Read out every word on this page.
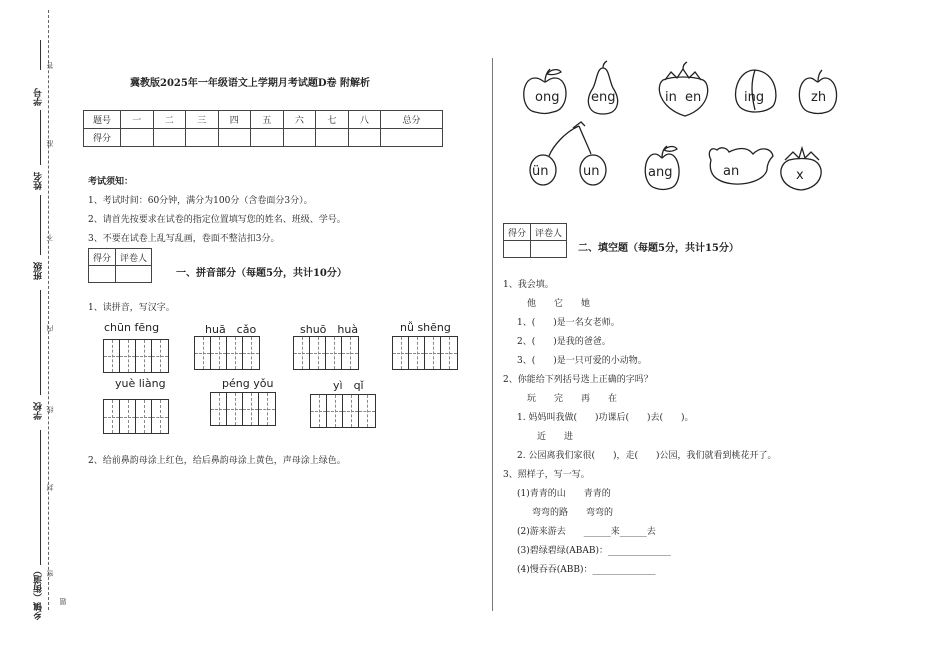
学号
姓名
班级
学校
乡镇（街道）
答
准
不
内
线
封
密
题
冀教版2025年一年级语文上学期月考试题D卷 附解析
题号	一	二	三	四	五	六	七	八	总分
得分									
考试须知：
1、考试时间：60分钟，满分为100分（含卷面分3分）。
2、请首先按要求在试卷的指定位置填写您的姓名、班级、学号。
3、不要在试卷上乱写乱画，卷面不整洁扣3分。
得分	评卷人

一、拼音部分（每题5分，共计10分）
1、读拼音，写汉字。
chūn fēng	huā　cǎo	shuō　huà	nǚ shēng
yuè liàng	péng yǒu	yì　qǐ
2、给前鼻韵母涂上红色，给后鼻韵母涂上黄色，声母涂上绿色。
ong eng	in en	ing	zh
ün	un	ang	an	x
得分	评卷人

二、填空题（每题5分，共计15分）
1、我会填。
他　　它　　她
1、(　　)是一名女老师。
2、(　　)是我的爸爸。
3、(　　)是一只可爱的小动物。
2、你能给下列括号选上正确的字吗？
玩　　完　　再　　在
1. 妈妈叫我做(　　)功课后(　　)去(　　)。
近　　进
2. 公园离我们家很(　　)，走(　　)公园，我们就看到桃花开了。
3、照样子，写一写。
(1)青青的山　　青青的
弯弯的路　　弯弯的
(2)游来游去　　______来______去
(3)碧绿碧绿(ABAB)：______________
(4)慢吞吞(ABB)：______________
